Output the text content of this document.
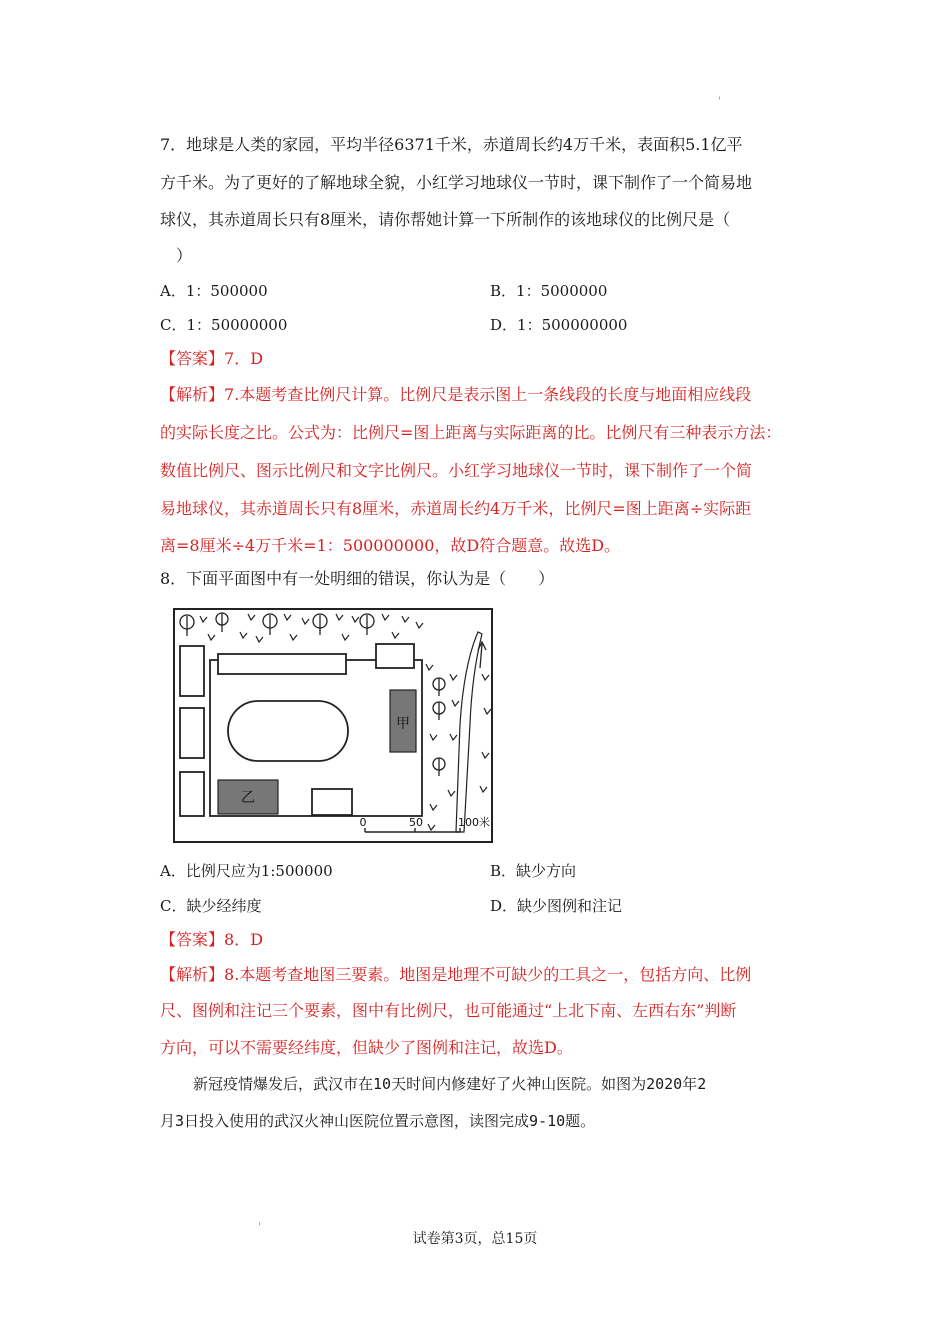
'
'
7．地球是人类的家园，平均半径6371千米，赤道周长约4万千米，表面积5.1亿平
方千米。为了更好的了解地球全貌，小红学习地球仪一节时，课下制作了一个简易地
球仪，其赤道周长只有8厘米，请你帮她计算一下所制作的该地球仪的比例尺是（
）
A．1：500000	B．1：5000000
C．1：50000000	D．1：500000000
【答案】7．D
【解析】7.本题考查比例尺计算。比例尺是表示图上一条线段的长度与地面相应线段
的实际长度之比。公式为：比例尺=图上距离与实际距离的比。比例尺有三种表示方法：
数值比例尺、图示比例尺和文字比例尺。小红学习地球仪一节时，课下制作了一个简
易地球仪，其赤道周长只有8厘米，赤道周长约4万千米，比例尺=图上距离÷实际距
离=8厘米÷4万千米=1：500000000，故D符合题意。故选D。
8．下面平面图中有一处明细的错误，你认为是（　　）
甲
乙
0	50	100米
A．比例尺应为1:500000	B．缺少方向
C．缺少经纬度	D．缺少图例和注记
【答案】8．D
【解析】8.本题考查地图三要素。地图是地理不可缺少的工具之一，包括方向、比例
尺、图例和注记三个要素，图中有比例尺，也可能通过“上北下南、左西右东”判断
方向，可以不需要经纬度，但缺少了图例和注记，故选D。
新冠疫情爆发后，武汉市在10天时间内修建好了火神山医院。如图为2020年2
月3日投入使用的武汉火神山医院位置示意图，读图完成9-10题。
试卷第3页，总15页
